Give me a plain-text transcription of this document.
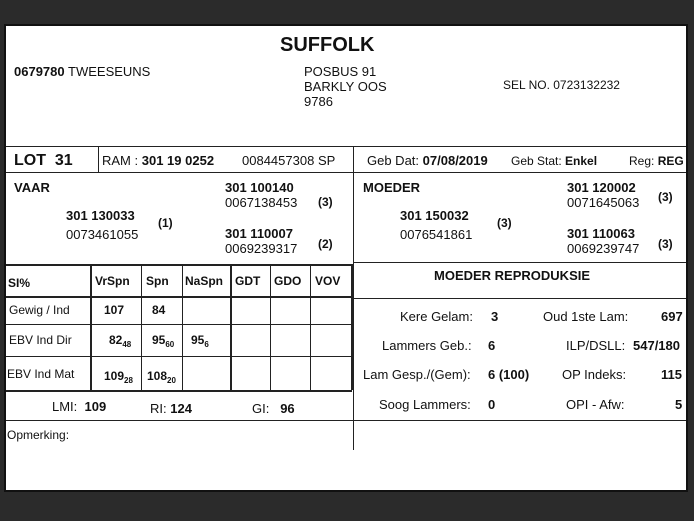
SUFFOLK
0679780 TWEESEUNS	POSBUS 91
BARKLY OOS
9786
SEL NO. 0723132232
LOT 31 RAM : 301 19 0252 0084457308 SP Geb Dat: 07/08/2019 Geb Stat: Enkel	Reg: REG
VAAR
301 130033
0073461055
(1)
301 100140
0067138453 (3)
301 110007
0069239317 (2)
MOEDER
301 150032
0076541861
(3)
301 120002
0071645063 (3)
301 110063
0069239747 (3)
SI%	VrSpn Spn NaSpn GDT GDO VOV
Gewig / Ind	107 84
EBV Ind Dir	$82_{48}$ $95_{60}$ $95_6$
EBV Ind Mat $109_{28}$ $108_{20}$
LMI: 109	RI: 124	GI: 96
MOEDER REPRODUKSIE
Kere Gelam: 3	Oud 1ste Lam:	697
Lammers Geb.: 6	ILP/DSLL: 547/180
Lam Gesp./(Gem): 6 (100)	OP Indeks:	115
Soog Lammers: 0	OPI - Afw:	5
Opmerking:
